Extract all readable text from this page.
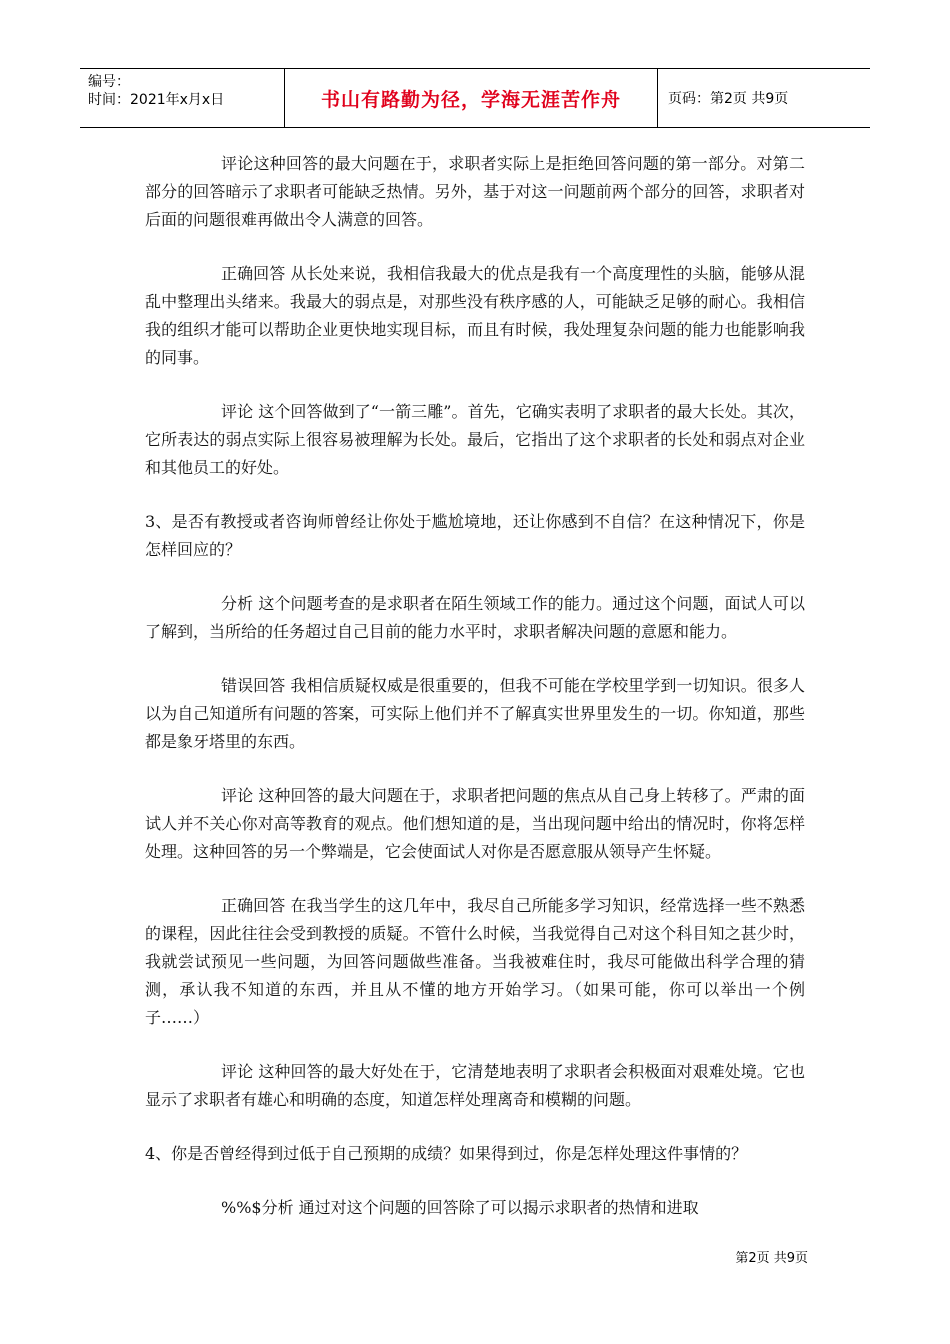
编号：
时间：2021年x月x日	书山有路勤为径，学海无涯苦作舟	页码：第2页 共9页

评论这种回答的最大问题在于，求职者实际上是拒绝回答问题的第一部分。对第二部分的回答暗示了求职者可能缺乏热情。另外，基于对这一问题前两个部分的回答，求职者对后面的问题很难再做出令人满意的回答。

正确回答 从长处来说，我相信我最大的优点是我有一个高度理性的头脑，能够从混乱中整理出头绪来。我最大的弱点是，对那些没有秩序感的人，可能缺乏足够的耐心。我相信我的组织才能可以帮助企业更快地实现目标，而且有时候，我处理复杂问题的能力也能影响我的同事。

评论 这个回答做到了“一箭三雕”。首先，它确实表明了求职者的最大长处。其次，它所表达的弱点实际上很容易被理解为长处。最后，它指出了这个求职者的长处和弱点对企业和其他员工的好处。

3、是否有教授或者咨询师曾经让你处于尴尬境地，还让你感到不自信？在这种情况下，你是怎样回应的？

分析 这个问题考查的是求职者在陌生领域工作的能力。通过这个问题，面试人可以了解到，当所给的任务超过自己目前的能力水平时，求职者解决问题的意愿和能力。

错误回答 我相信质疑权威是很重要的，但我不可能在学校里学到一切知识。很多人以为自己知道所有问题的答案，可实际上他们并不了解真实世界里发生的一切。你知道，那些都是象牙塔里的东西。

评论 这种回答的最大问题在于，求职者把问题的焦点从自己身上转移了。严肃的面试人并不关心你对高等教育的观点。他们想知道的是，当出现问题中给出的情况时，你将怎样处理。这种回答的另一个弊端是，它会使面试人对你是否愿意服从领导产生怀疑。

正确回答 在我当学生的这几年中，我尽自己所能多学习知识，经常选择一些不熟悉的课程，因此往往会受到教授的质疑。不管什么时候，当我觉得自己对这个科目知之甚少时，我就尝试预见一些问题，为回答问题做些准备。当我被难住时，我尽可能做出科学合理的猜测，承认我不知道的东西，并且从不懂的地方开始学习。（如果可能，你可以举出一个例子……）

评论 这种回答的最大好处在于，它清楚地表明了求职者会积极面对艰难处境。它也显示了求职者有雄心和明确的态度，知道怎样处理离奇和模糊的问题。

4、你是否曾经得到过低于自己预期的成绩？如果得到过，你是怎样处理这件事情的？

%%$分析 通过对这个问题的回答除了可以揭示求职者的热情和进取

第2页 共9页
